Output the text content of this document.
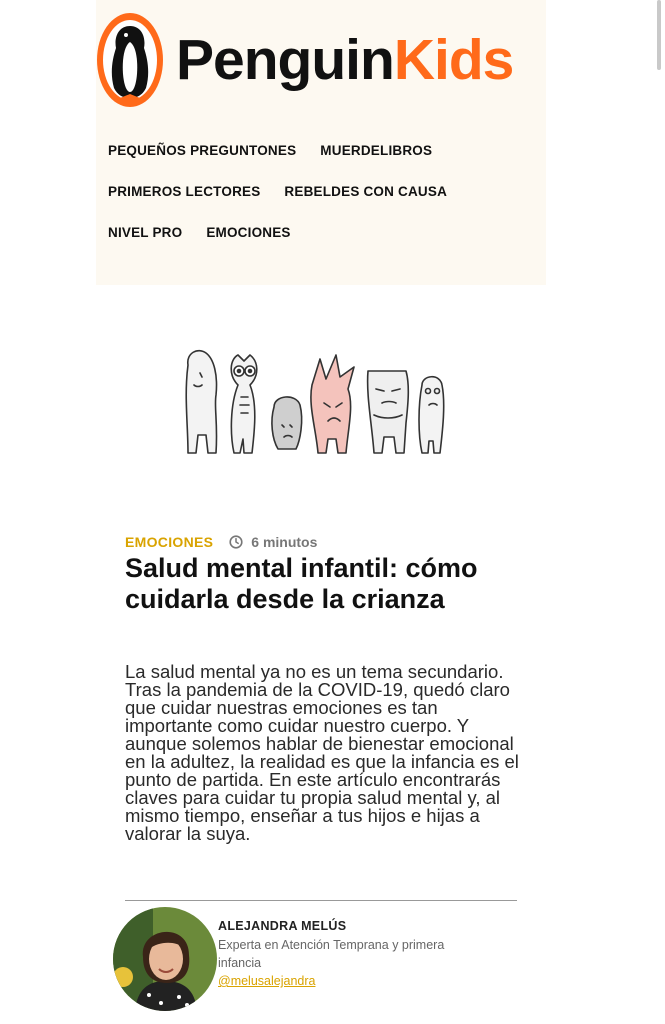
PenguinKids
PEQUEÑOS PREGUNTONES MUERDELIBROS
PRIMEROS LECTORES REBELDES CON CAUSA
NIVEL PRO EMOCIONES
EMOCIONES	6 minutos
Salud mental infantil: cómo cuidarla desde la crianza

La salud mental ya no es un tema secundario. Tras la pandemia de la COVID-19, quedó claro que cuidar nuestras emociones es tan importante como cuidar nuestro cuerpo. Y aunque solemos hablar de bienestar emocional en la adultez, la realidad es que la infancia es el punto de partida. En este artículo encontrarás claves para cuidar tu propia salud mental y, al mismo tiempo, enseñar a tus hijos e hijas a valorar la suya.

ALEJANDRA MELÚS
Experta en Atención Temprana y primera infancia
@melusalejandra
